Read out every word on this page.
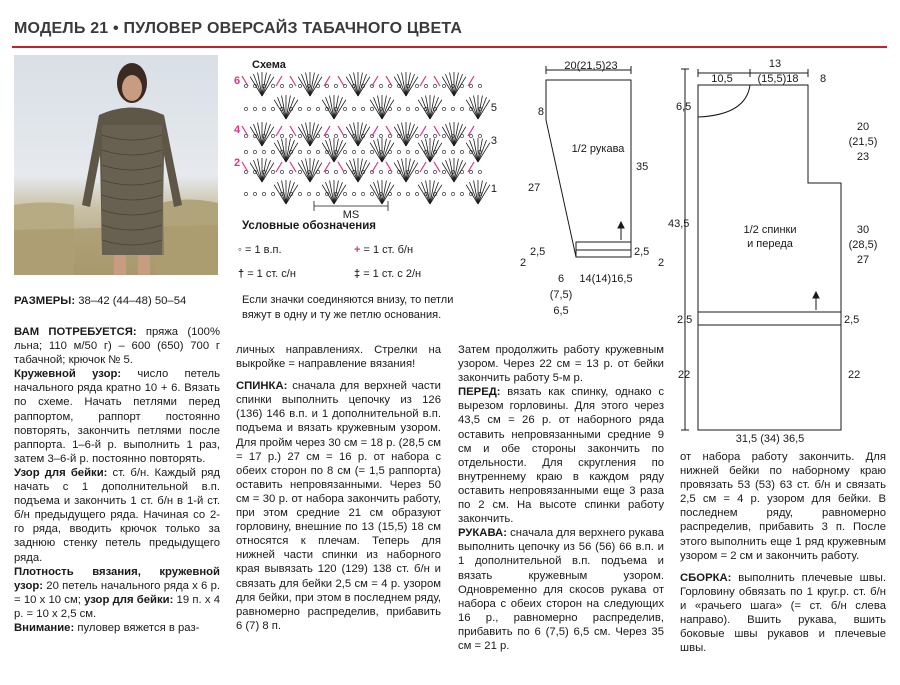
МОДЕЛЬ 21 • ПУЛОВЕР ОВЕРСАЙЗ ТАБАЧНОГО ЦВЕТА
Схема
6
4
2
5
3
1
MS
Условные обозначения
◦ = 1 в.п.	+ = 1 ст. б/н
† = 1 ст. с/н	‡ = 1 ст. с 2/н
Если значки соединяются внизу, то петли
вяжут в одну и ту же петлю основания.
20(21,5)23
8
1/2 рукава
35
27
2,5
2
2,5
2
6
(7,5)
6,5
14(14)16,5
13
(15,5)18
10,5	8
6,5
20
(21,5)
23
43,5	1/2 спинки
и переда
30
(28,5)
27
2,5	2,5
22	22
31,5 (34) 36,5
РАЗМЕРЫ: 38–42 (44–48) 50–54

ВАМ ПОТРЕБУЕТСЯ: пряжа (100% льна; 110 м/50 г) – 600 (650) 700 г табачной; крючок № 5.

Кружевной узор: число петель начального ряда кратно 10 + 6. Вязать по схеме. Начать петлями перед раппортом, раппорт постоянно повторять, закончить петлями после раппорта. 1–6-й р. выполнить 1 раз, затем 3–6-й р. постоянно повторять.

Узор для бейки: ст. б/н. Каждый ряд начать с 1 дополнительной в.п. подъема и закончить 1 ст. б/н в 1-й ст. б/н предыдущего ряда. Начиная со 2-го ряда, вводить крючок только за заднюю стенку петель предыдущего ряда.

Плотность вязания, кружевной узор: 20 петель начального ряда х 6 р. = 10 х 10 см; узор для бейки: 19 п. х 4 р. = 10 х 2,5 см.

Внимание: пуловер вяжется в раз-

личных направлениях. Стрелки на выкройке = направление вязания!

СПИНКА: сначала для верхней части спинки выполнить цепочку из 126 (136) 146 в.п. и 1 дополнительной в.п. подъема и вязать кружевным узором. Для пройм через 30 см = 18 р. (28,5 см = 17 р.) 27 см = 16 р. от набора с обеих сторон по 8 см (= 1,5 раппорта) оставить непровязанными. Через 50 см = 30 р. от набора закончить работу, при этом средние 21 см образуют горловину, внешние по 13 (15,5) 18 см относятся к плечам. Теперь для нижней части спинки из наборного края вывязать 120 (129) 138 ст. б/н и связать для бейки 2,5 см = 4 р. узором для бейки, при этом в последнем ряду, равномерно распределив, прибавить 6 (7) 8 п.

Затем продолжить работу кружевным узором. Через 22 см = 13 р. от бейки закончить работу 5-м р.

ПЕРЕД: вязать как спинку, однако с вырезом горловины. Для этого через 43,5 см = 26 р. от наборного ряда оставить непровязанными средние 9 см и обе стороны закончить по отдельности. Для скругления по внутреннему краю в каждом ряду оставить непровязанными еще 3 раза по 2 см. На высоте спинки работу закончить.

РУКАВА: сначала для верхнего рукава выполнить цепочку из 56 (56) 66 в.п. и 1 дополнительной в.п. подъема и вязать кружевным узором. Одновременно для скосов рукава от набора с обеих сторон на следующих 16 р., равномерно распределив, прибавить по 6 (7,5) 6,5 см. Через 35 см = 21 р.

от набора работу закончить. Для нижней бейки по наборному краю провязать 53 (53) 63 ст. б/н и связать 2,5 см = 4 р. узором для бейки. В последнем ряду, равномерно распределив, прибавить 3 п. После этого выполнить еще 1 ряд кружевным узором = 2 см и закончить работу.

СБОРКА: выполнить плечевые швы. Горловину обвязать по 1 круг.р. ст. б/н и «рачьего шага» (= ст. б/н слева направо). Вшить рукава, вшить боковые швы рукавов и плечевые швы.
